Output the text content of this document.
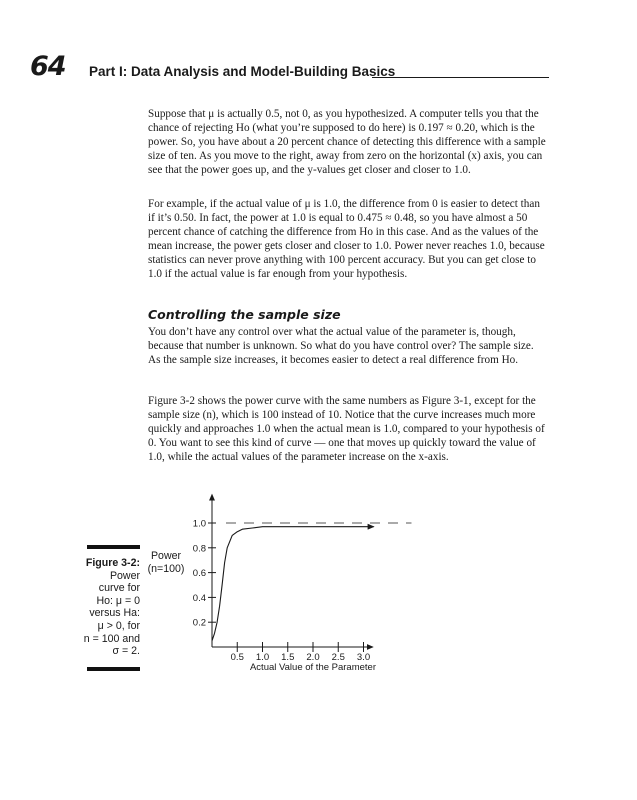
64 Part I: Data Analysis and Model-Building Basics

Suppose that μ is actually 0.5, not 0, as you hypothesized. A computer tells you that the chance of rejecting Ho (what you’re supposed to do here) is 0.197 ≈ 0.20, which is the power. So, you have about a 20 percent chance of detecting this difference with a sample size of ten. As you move to the right, away from zero on the horizontal (x) axis, you can see that the power goes up, and the y-values get closer and closer to 1.0.

For example, if the actual value of μ is 1.0, the difference from 0 is easier to detect than if it’s 0.50. In fact, the power at 1.0 is equal to 0.475 ≈ 0.48, so you have almost a 50 percent chance of catching the difference from Ho in this case. And as the values of the mean increase, the power gets closer and closer to 1.0. Power never reaches 1.0, because statistics can never prove anything with 100 percent accuracy. But you can get close to 1.0 if the actual value is far enough from your hypothesis.

Controlling the sample size

You don’t have any control over what the actual value of the parameter is, though, because that number is unknown. So what do you have control over? The sample size. As the sample size increases, it becomes easier to detect a real difference from Ho.

Figure 3-2 shows the power curve with the same numbers as Figure 3-1, except for the sample size (n), which is 100 instead of 10. Notice that the curve increases much more quickly and approaches 1.0 when the actual mean is 1.0, compared to your hypothesis of 0. You want to see this kind of curve — one that moves up quickly toward the value of 1.0, while the actual values of the parameter increase on the x-axis.

Figure 3-2:
Power
curve for
Ho: μ = 0
versus Ha:
μ > 0, for
n = 100 and
σ = 2.
Power
(n=100)
0.2
0.4
0.6
0.8
1.0
0.5 1.0 1.5 2.0 2.5 3.0
Actual Value of the Parameter
